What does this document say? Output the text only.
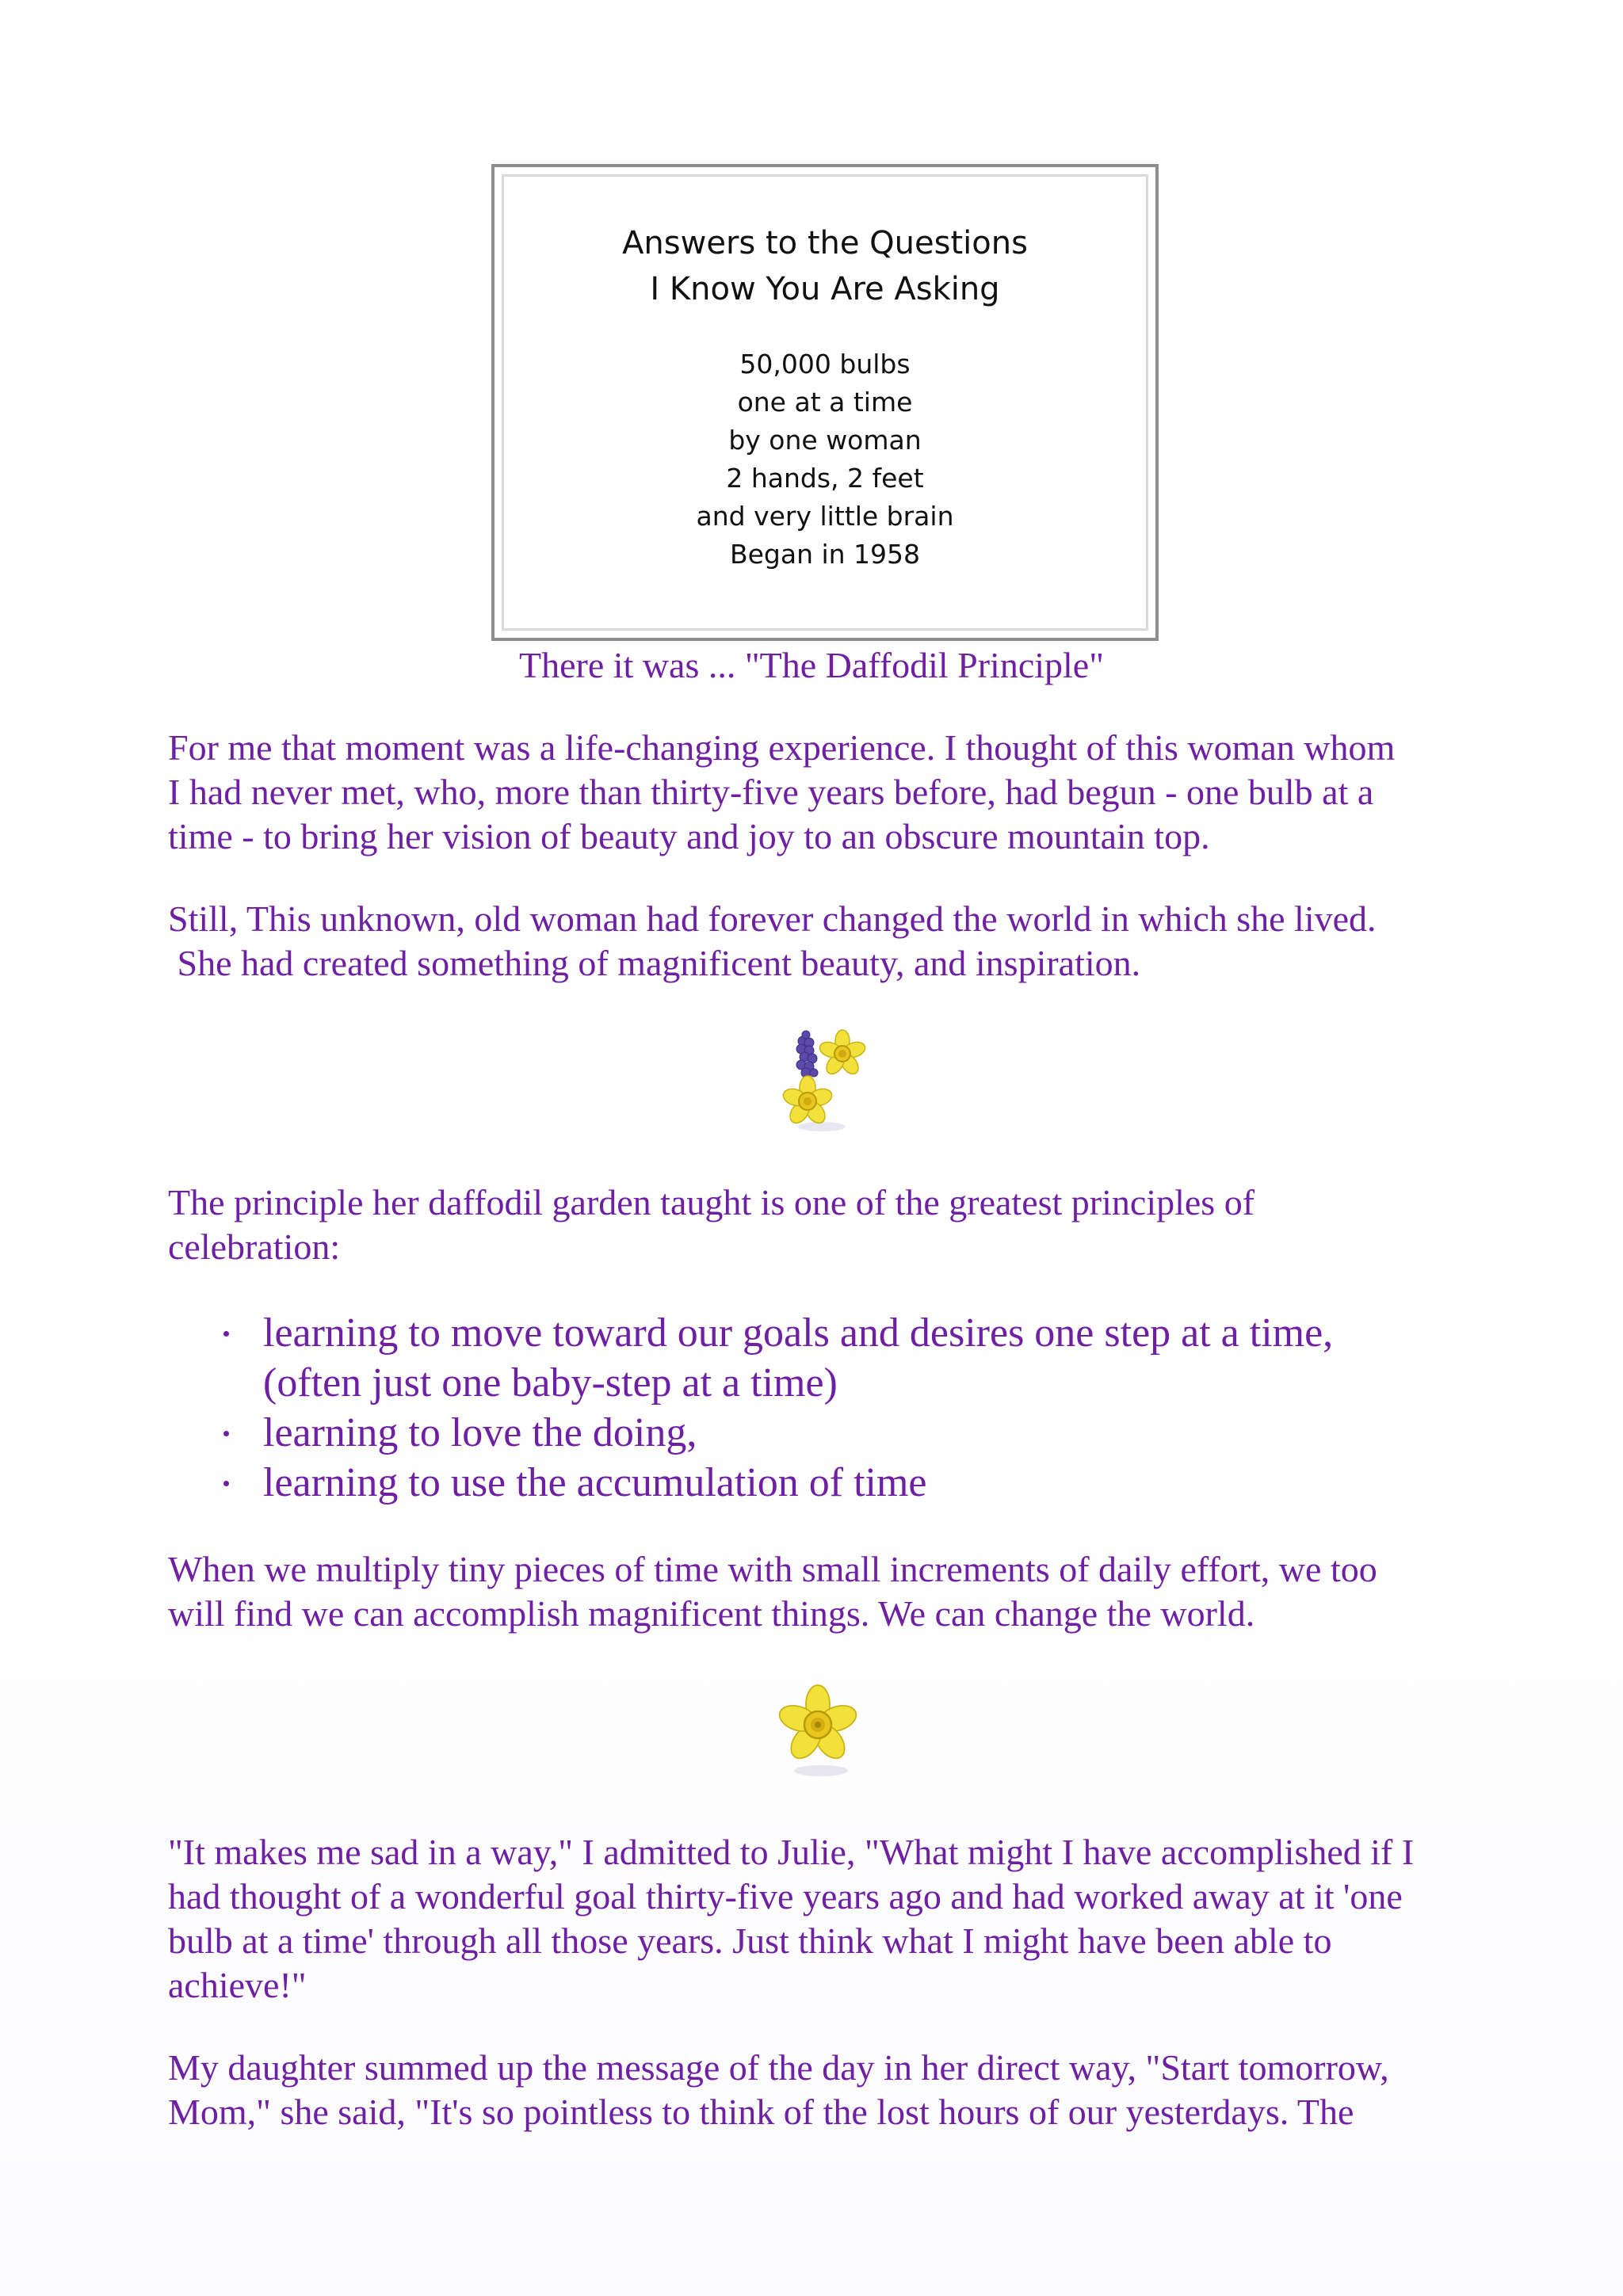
Answers to the Questions
I Know You Are Asking
50,000 bulbs
one at a time
by one woman
2 hands, 2 feet
and very little brain
Began in 1958
There it was ... "The Daffodil Principle"
For me that moment was a life-changing experience. I thought of this woman whom
I had never met, who, more than thirty-five years before, had begun - one bulb at a
time - to bring her vision of beauty and joy to an obscure mountain top.
Still, This unknown, old woman had forever changed the world in which she lived.
She had created something of magnificent beauty, and inspiration.
The principle her daffodil garden taught is one of the greatest principles of
celebration:
learning to move toward our goals and desires one step at a time,
(often just one baby-step at a time)
learning to love the doing,
learning to use the accumulation of time
When we multiply tiny pieces of time with small increments of daily effort, we too
will find we can accomplish magnificent things. We can change the world.
"It makes me sad in a way," I admitted to Julie, "What might I have accomplished if I
had thought of a wonderful goal thirty-five years ago and had worked away at it 'one
bulb at a time' through all those years. Just think what I might have been able to
achieve!"
My daughter summed up the message of the day in her direct way, "Start tomorrow,
Mom," she said, "It's so pointless to think of the lost hours of our yesterdays. The
